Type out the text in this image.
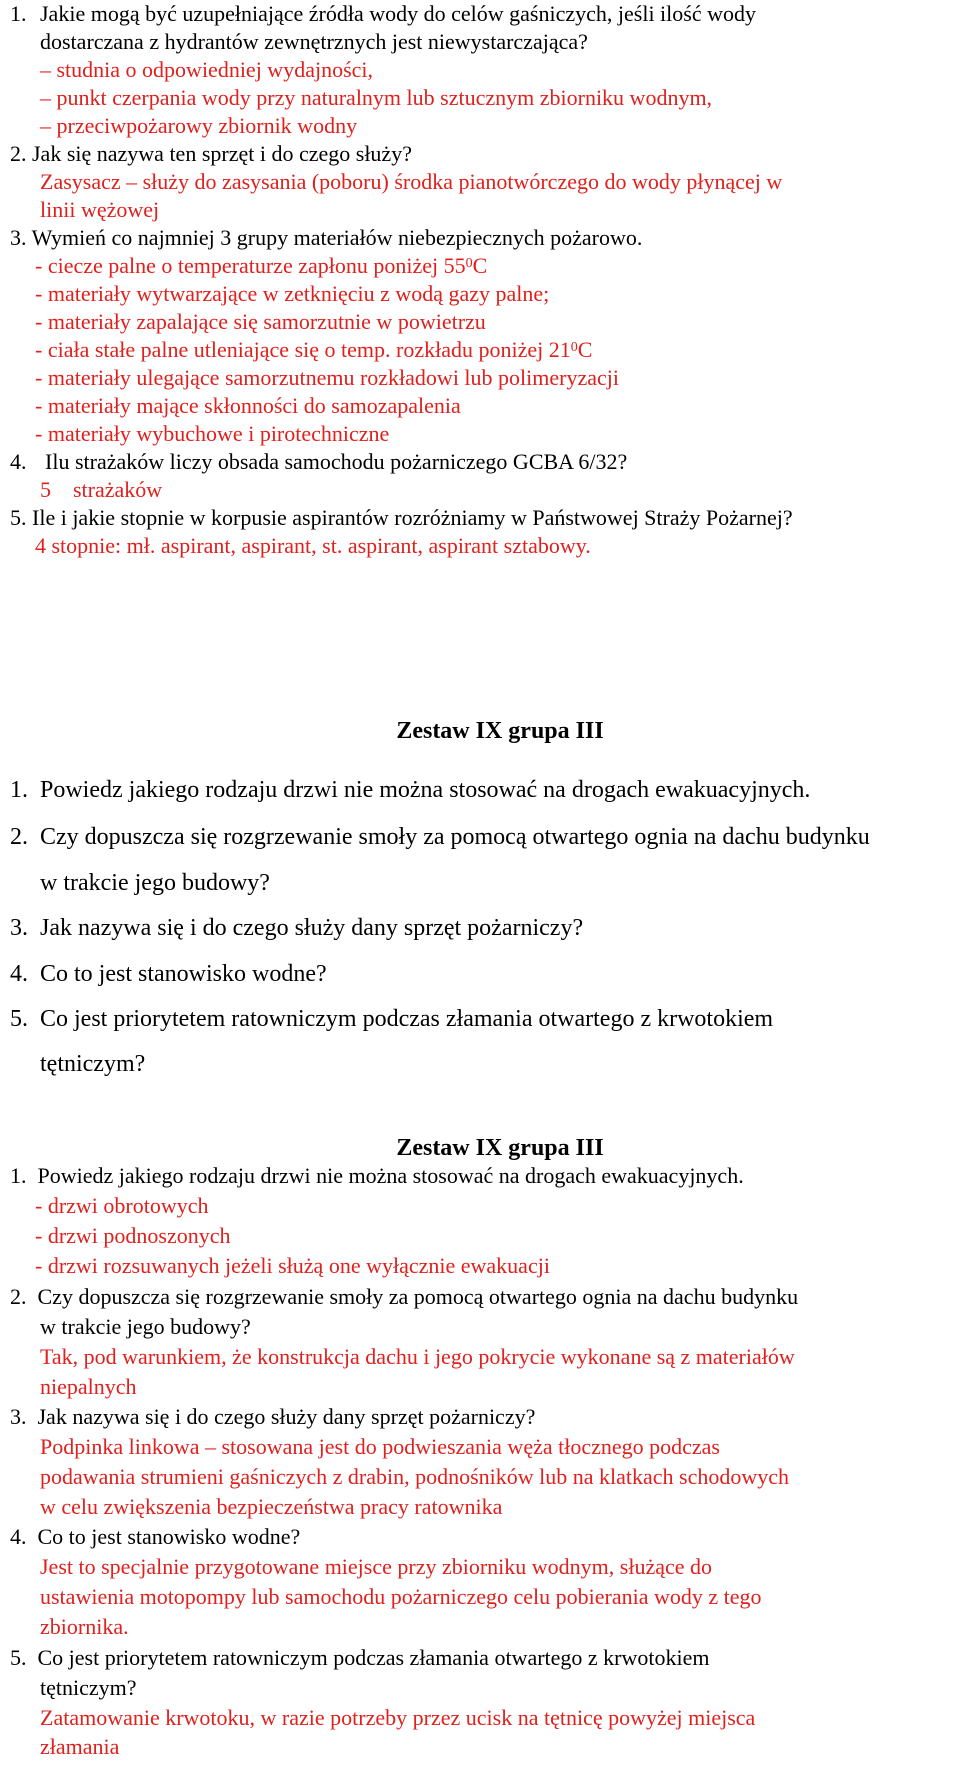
1. Jakie mogą być uzupełniające źródła wody do celów gaśniczych, jeśli ilość wody
dostarczana z hydrantów zewnętrznych jest niewystarczająca?
– studnia o odpowiedniej wydajności,
– punkt czerpania wody przy naturalnym lub sztucznym zbiorniku wodnym,
– przeciwpożarowy zbiornik wodny
2. Jak się nazywa ten sprzęt i do czego służy?
Zasysacz – służy do zasysania (poboru) środka pianotwórczego do wody płynącej w
linii wężowej
3. Wymień co najmniej 3 grupy materiałów niebezpiecznych pożarowo.
- ciecze palne o temperaturze zapłonu poniżej $55^0C$
- materiały wytwarzające w zetknięciu z wodą gazy palne;
- materiały zapalające się samorzutnie w powietrzu
- ciała stałe palne utleniające się o temp. rozkładu poniżej $21^0C$
- materiały ulegające samorzutnemu rozkładowi lub polimeryzacji
- materiały mające skłonności do samozapalenia
- materiały wybuchowe i pirotechniczne
4. Ilu strażaków liczy obsada samochodu pożarniczego GCBA 6/32?
5    strażaków
5. Ile i jakie stopnie w korpusie aspirantów rozróżniamy w Państwowej Straży Pożarnej?
4 stopnie: mł. aspirant, aspirant, st. aspirant, aspirant sztabowy.
Zestaw IX grupa III
1.  Powiedz jakiego rodzaju drzwi nie można stosować na drogach ewakuacyjnych.
2.  Czy dopuszcza się rozgrzewanie smoły za pomocą otwartego ognia na dachu budynku
w trakcie jego budowy?
3.  Jak nazywa się i do czego służy dany sprzęt pożarniczy?
4.  Co to jest stanowisko wodne?
5.  Co jest priorytetem ratowniczym podczas złamania otwartego z krwotokiem
tętniczym?
Zestaw IX grupa III
1.  Powiedz jakiego rodzaju drzwi nie można stosować na drogach ewakuacyjnych.
- drzwi obrotowych
- drzwi podnoszonych
- drzwi rozsuwanych jeżeli służą one wyłącznie ewakuacji
2.  Czy dopuszcza się rozgrzewanie smoły za pomocą otwartego ognia na dachu budynku
w trakcie jego budowy?
Tak, pod warunkiem, że konstrukcja dachu i jego pokrycie wykonane są z materiałów
niepalnych
3.  Jak nazywa się i do czego służy dany sprzęt pożarniczy?
Podpinka linkowa – stosowana jest do podwieszania węża tłocznego podczas
podawania strumieni gaśniczych z drabin, podnośników lub na klatkach schodowych
w celu zwiększenia bezpieczeństwa pracy ratownika
4.  Co to jest stanowisko wodne?
Jest to specjalnie przygotowane miejsce przy zbiorniku wodnym, służące do
ustawienia motopompy lub samochodu pożarniczego celu pobierania wody z tego
zbiornika.
5.  Co jest priorytetem ratowniczym podczas złamania otwartego z krwotokiem
tętniczym?
Zatamowanie krwotoku, w razie potrzeby przez ucisk na tętnicę powyżej miejsca
złamania
